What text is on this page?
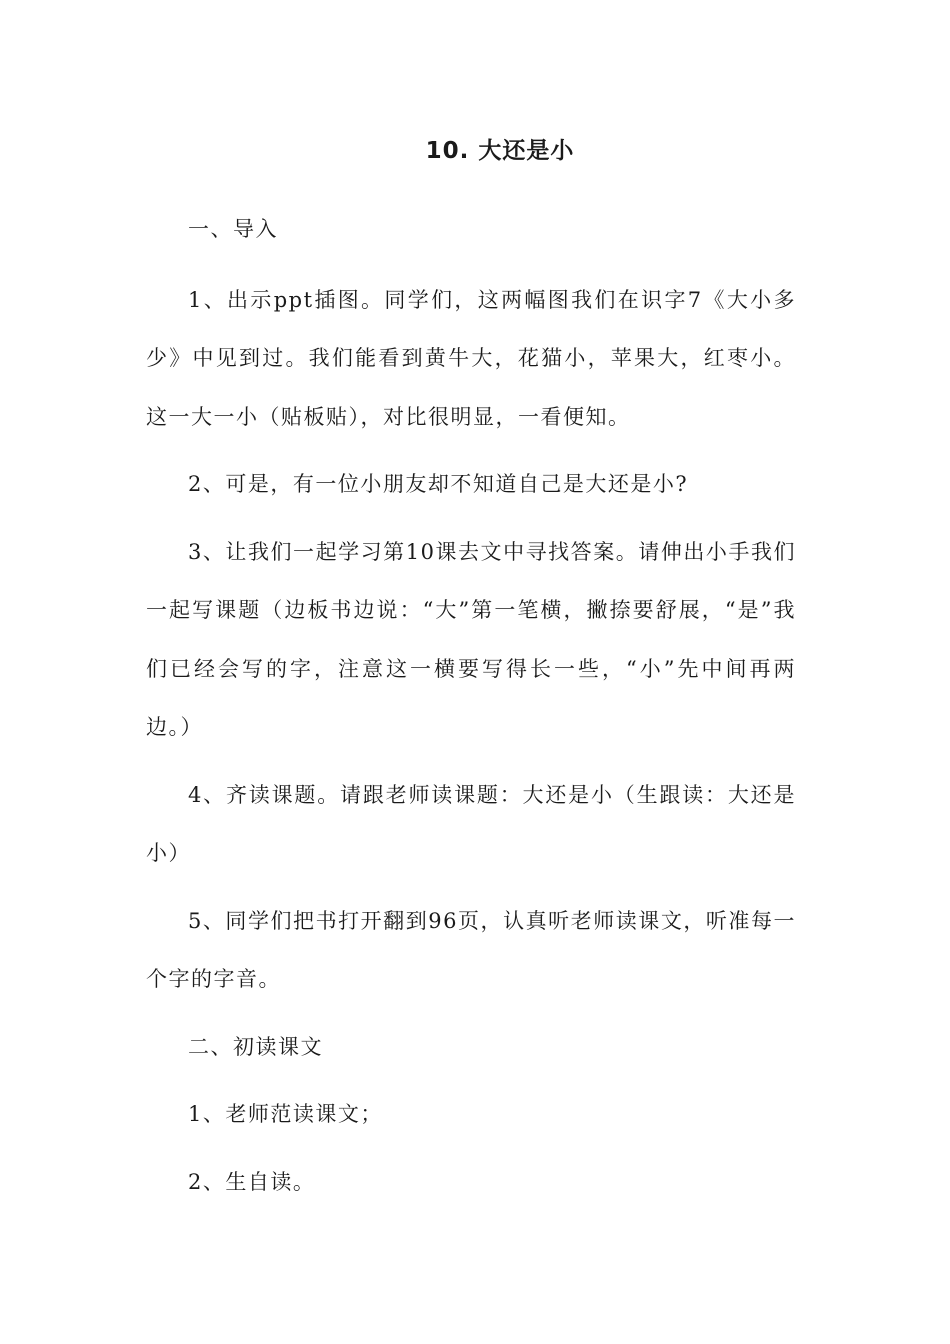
10. 大还是小

一、导入

1、出示ppt插图。同学们，这两幅图我们在识字7《大小多少》中见到过。我们能看到黄牛大，花猫小，苹果大，红枣小。这一大一小（贴板贴），对比很明显，一看便知。

2、可是，有一位小朋友却不知道自己是大还是小?

3、让我们一起学习第10课去文中寻找答案。请伸出小手我们一起写课题（边板书边说：“大”第一笔横，撇捺要舒展，“是”我们已经会写的字，注意这一横要写得长一些，“小”先中间再两边。）

4、齐读课题。请跟老师读课题：大还是小（生跟读：大还是小）

5、同学们把书打开翻到96页，认真听老师读课文，听准每一个字的字音。

二、初读课文

1、老师范读课文；

2、生自读。
